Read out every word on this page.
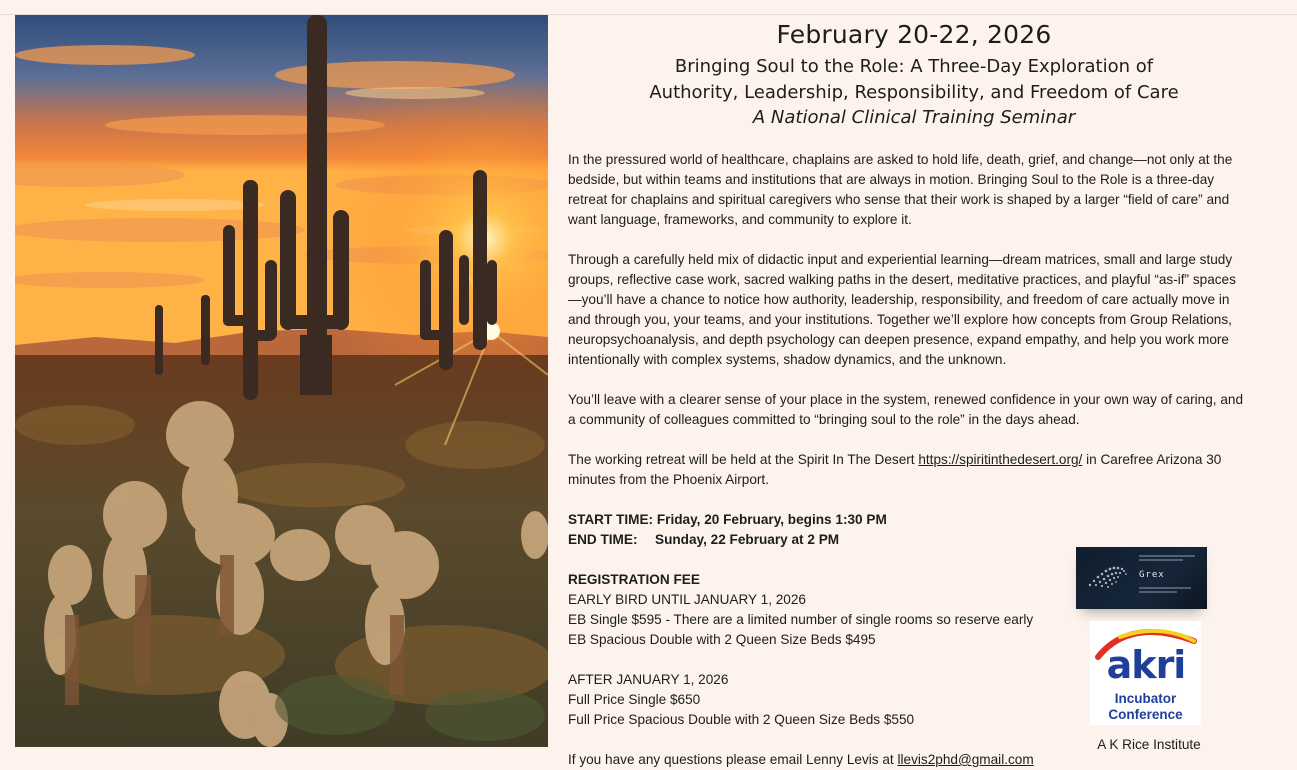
February 20-22, 2026
Bringing Soul to the Role: A Three-Day Exploration of
Authority, Leadership, Responsibility, and Freedom of Care
A National Clinical Training Seminar
In the pressured world of healthcare, chaplains are asked to hold life, death, grief, and change—not only at the
bedside, but within teams and institutions that are always in motion. Bringing Soul to the Role is a three-day
retreat for chaplains and spiritual caregivers who sense that their work is shaped by a larger “field of care” and
want language, frameworks, and community to explore it.
Through a carefully held mix of didactic input and experiential learning—dream matrices, small and large study
groups, reflective case work, sacred walking paths in the desert, meditative practices, and playful “as-if” spaces
—you’ll have a chance to notice how authority, leadership, responsibility, and freedom of care actually move in
and through you, your teams, and your institutions. Together we’ll explore how concepts from Group Relations,
neuropsychoanalysis, and depth psychology can deepen presence, expand empathy, and help you work more
intentionally with complex systems, shadow dynamics, and the unknown.
You’ll leave with a clearer sense of your place in the system, renewed confidence in your own way of caring, and
a community of colleagues committed to “bringing soul to the role” in the days ahead.
The working retreat will be held at the Spirit In The Desert https://spiritinthedesert.org/ in Carefree Arizona 30
minutes from the Phoenix Airport.
START TIME: Friday, 20 February, begins 1:30 PM
END TIME: Sunday, 22 February at 2 PM
REGISTRATION FEE
EARLY BIRD UNTIL JANUARY 1, 2026
EB Single $595 - There are a limited number of single rooms so reserve early
EB Spacious Double with 2 Queen Size Beds $495
AFTER JANUARY 1, 2026
Full Price Single $650
Full Price Spacious Double with 2 Queen Size Beds $550
If you have any questions please email Lenny Levis at llevis2phd@gmail.com
Grex
akri
Incubator
Conference
A K Rice Institute
